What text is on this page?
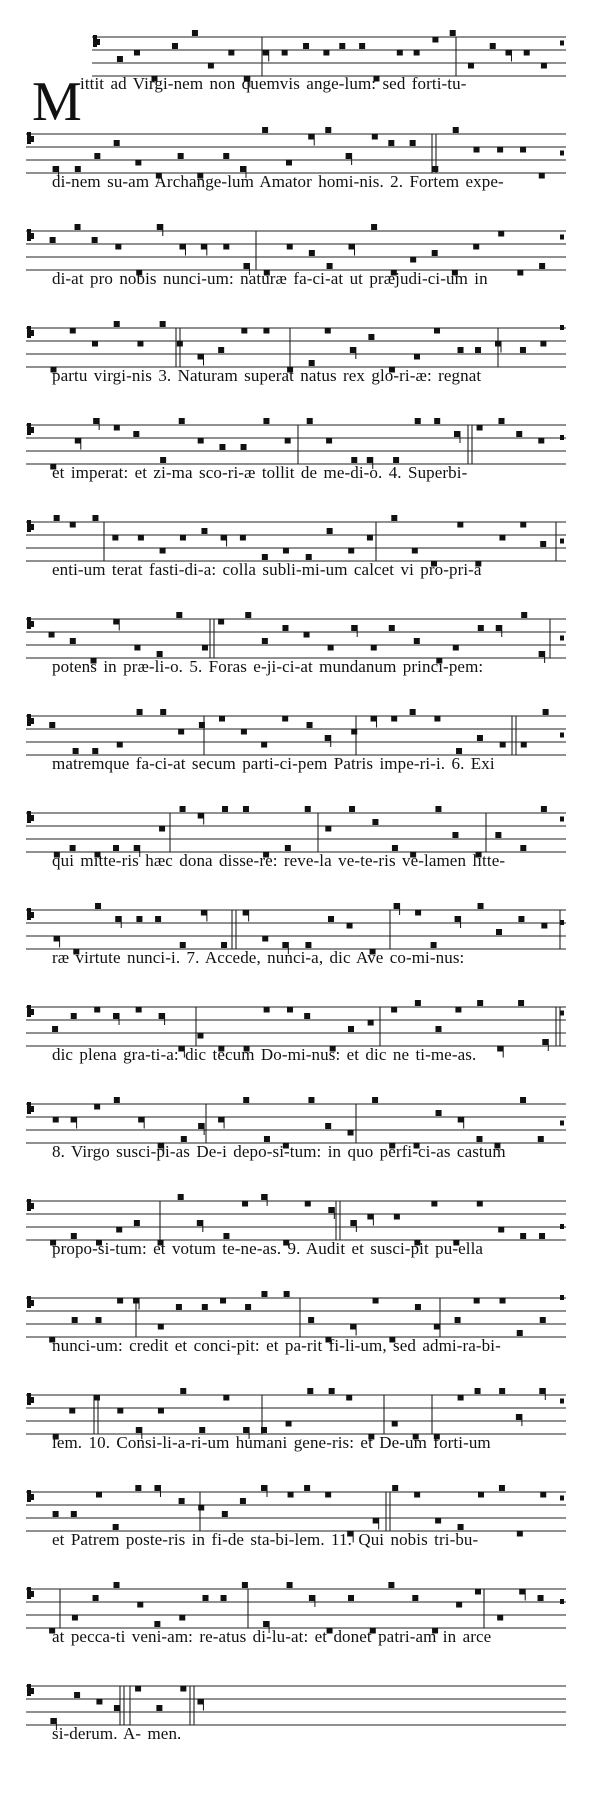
M
ittit ad Virgi-nem non quemvis ange-lum: sed forti-tu-
di-nem su-am Archange-lum Amator homi-nis. 2. Fortem expe-
di-at pro nobis nunci-um: naturæ fa-ci-at ut præjudi-ci-um in
partu virgi-nis 3. Naturam superat natus rex glo-ri-æ: regnat
et imperat: et zi-ma sco-ri-æ tollit de me-di-o. 4. Superbi-
enti-um terat fasti-di-a: colla subli-mi-um calcet vi pro-pri-a
potens in præ-li-o. 5. Foras e-ji-ci-at mundanum princi-pem:
matremque fa-ci-at secum parti-ci-pem Patris impe-ri-i. 6. Exi
qui mitte-ris hæc dona disse-re: reve-la ve-te-ris ve-lamen litte-
ræ virtute nunci-i. 7. Accede, nunci-a, dic Ave co-mi-nus:
dic plena gra-ti-a: dic tecum Do-mi-nus: et dic ne ti-me-as.
8. Virgo susci-pi-as De-i depo-si-tum: in quo perfi-ci-as castum
propo-si-tum: et votum te-ne-as. 9. Audit et susci-pit pu-ella
nunci-um: credit et conci-pit: et pa-rit fi-li-um, sed admi-ra-bi-
lem. 10. Consi-li-a-ri-um humani gene-ris: et De-um forti-um
et Patrem poste-ris in fi-de sta-bi-lem. 11. Qui nobis tri-bu-
at pecca-ti veni-am: re-atus di-lu-at: et donet patri-am in arce
si-derum. A- men.
